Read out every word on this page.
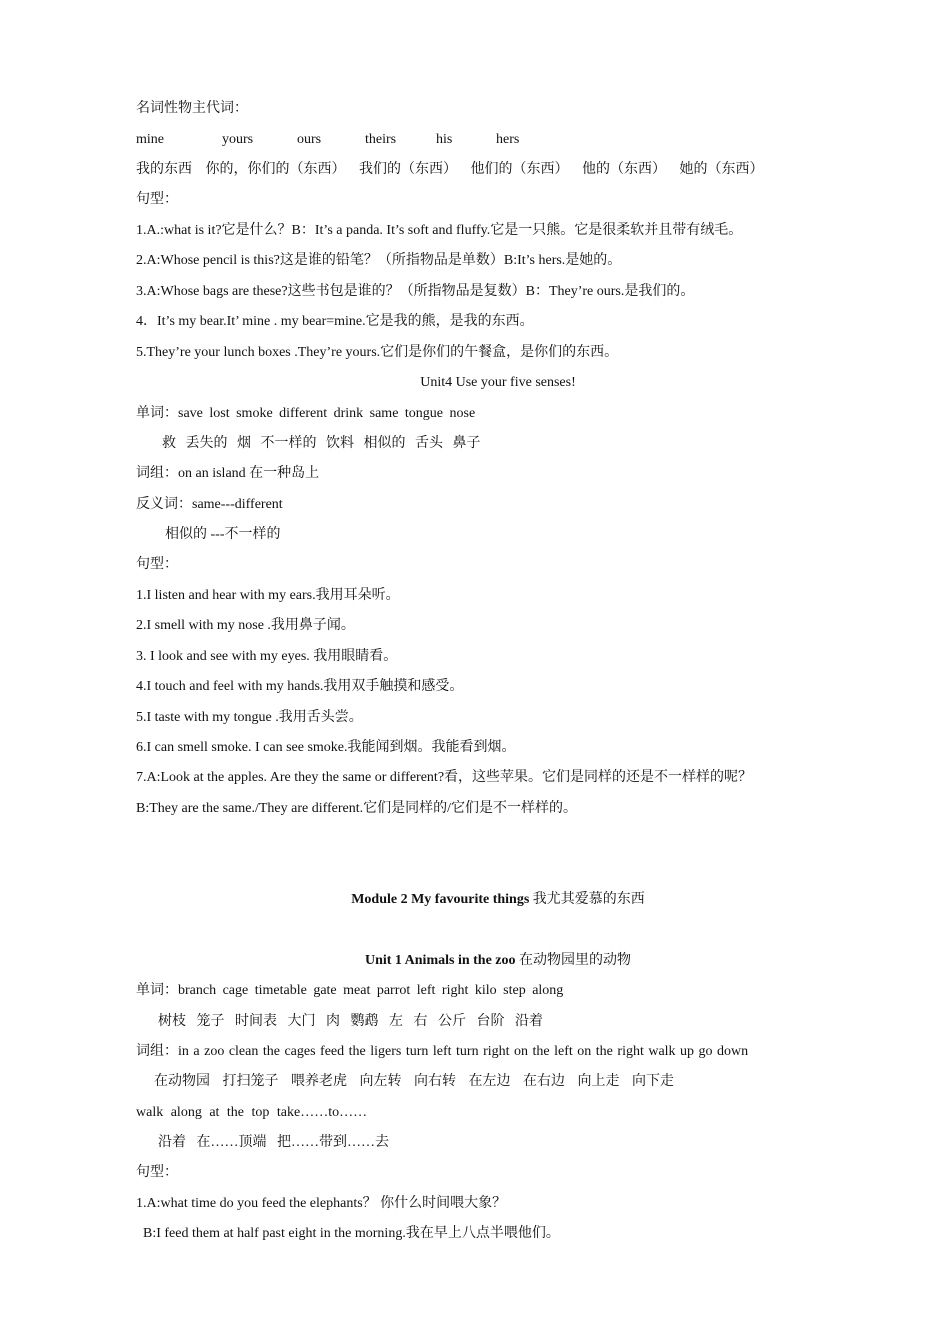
名词性物主代词：
mine	yours	ours	theirs	his	hers
我的东西 你的，你们的（东西） 我们的（东西） 他们的（东西） 他的（东西） 她的（东西）
句型：
1.A.:what is it?它是什么？B：It’s a panda. It’s soft and fluffy.它是一只熊。它是很柔软并且带有绒毛。
2.A:Whose pencil is this?这是谁的铅笔？（所指物品是单数）B:It’s hers.是她的。
3.A:Whose bags are these?这些书包是谁的？（所指物品是复数）B：They’re ours.是我们的。
4．It’s my bear.It’ mine . my bear=mine.它是我的熊，是我的东西。
5.They’re your lunch boxes .They’re yours.它们是你们的午餐盒，是你们的东西。
Unit4 Use your five senses!
单词：save lost smoke different drink same tongue nose
救 丢失的 烟 不一样的 饮料 相似的 舌头 鼻子
词组：on an island 在一种岛上
反义词：same---different
相似的 ---不一样的
句型：
1.I listen and hear with my ears.我用耳朵听。
2.I smell with my nose .我用鼻子闻。
3. I look and see with my eyes. 我用眼睛看。
4.I touch and feel with my hands.我用双手触摸和感受。
5.I taste with my tongue .我用舌头尝。
6.I can smell smoke. I can see smoke.我能闻到烟。我能看到烟。
7.A:Look at the apples. Are they the same or different?看，这些苹果。它们是同样的还是不一样样的呢？
B:They are the same./They are different.它们是同样的/它们是不一样样的。
Module 2 My favourite things 我尤其爱慕的东西
Unit 1 Animals in the zoo 在动物园里的动物
单词：branch cage timetable gate meat parrot left right kilo step along
树枝 笼子 时间表 大门 肉 鹦鹉 左 右 公斤 台阶 沿着
词组：in a zoo clean the cages feed the ligers turn left turn right on the left on the right walk up go down
在动物园 打扫笼子 喂养老虎 向左转 向右转 在左边 在右边 向上走 向下走
walk along at the top take……to……
沿着 在……顶端 把……带到……去
句型：
1.A:what time do you feed the elephants？ 你什么时间喂大象？
B:I feed them at half past eight in the morning.我在早上八点半喂他们。
